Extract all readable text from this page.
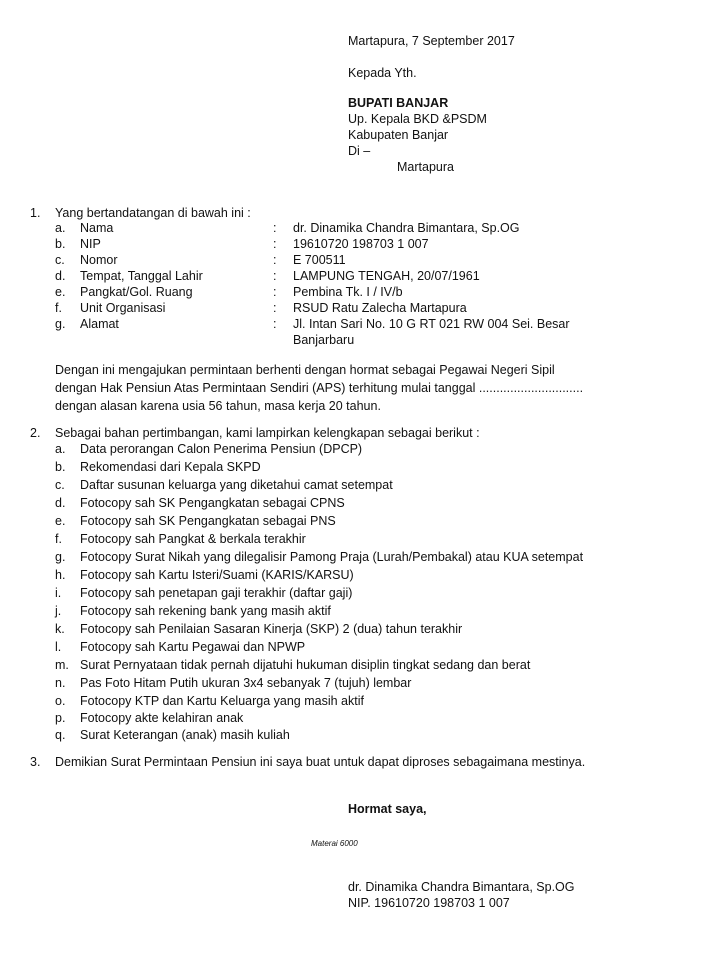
Martapura, 7 September 2017
Kepada Yth.
BUPATI BANJAR
Up. Kepala BKD &PSDM
Kabupaten Banjar
Di –
Martapura
1. Yang bertandatangan di bawah ini :
a. Nama	: dr. Dinamika Chandra Bimantara, Sp.OG
b. NIP	: 19610720 198703 1 007
c. Nomor	: E 700511
d. Tempat, Tanggal Lahir	: LAMPUNG TENGAH, 20/07/1961
e. Pangkat/Gol. Ruang	: Pembina Tk. I / IV/b
f. Unit Organisasi	: RSUD Ratu Zalecha Martapura
g. Alamat	: Jl. Intan Sari No. 10 G RT 021 RW 004 Sei. Besar
Banjarbaru
Dengan ini mengajukan permintaan berhenti dengan hormat sebagai Pegawai Negeri Sipil
dengan Hak Pensiun Atas Permintaan Sendiri (APS) terhitung mulai tanggal ..............................
dengan alasan karena usia 56 tahun, masa kerja 20 tahun.
2. Sebagai bahan pertimbangan, kami lampirkan kelengkapan sebagai berikut :
a. Data perorangan Calon Penerima Pensiun (DPCP)
b. Rekomendasi dari Kepala SKPD
c. Daftar susunan keluarga yang diketahui camat setempat
d. Fotocopy sah SK Pengangkatan sebagai CPNS
e. Fotocopy sah SK Pengangkatan sebagai PNS
f. Fotocopy sah Pangkat & berkala terakhir
g. Fotocopy Surat Nikah yang dilegalisir Pamong Praja (Lurah/Pembakal) atau KUA setempat
h. Fotocopy sah Kartu Isteri/Suami (KARIS/KARSU)
i. Fotocopy sah penetapan gaji terakhir (daftar gaji)
j. Fotocopy sah rekening bank yang masih aktif
k. Fotocopy sah Penilaian Sasaran Kinerja (SKP) 2 (dua) tahun terakhir
l. Fotocopy sah Kartu Pegawai dan NPWP
m. Surat Pernyataan tidak pernah dijatuhi hukuman disiplin tingkat sedang dan berat
n. Pas Foto Hitam Putih ukuran 3x4 sebanyak 7 (tujuh) lembar
o. Fotocopy KTP dan Kartu Keluarga yang masih aktif
p. Fotocopy akte kelahiran anak
q. Surat Keterangan (anak) masih kuliah
3. Demikian Surat Permintaan Pensiun ini saya buat untuk dapat diproses sebagaimana mestinya.
Hormat saya,
Materai 6000
dr. Dinamika Chandra Bimantara, Sp.OG
NIP. 19610720 198703 1 007
